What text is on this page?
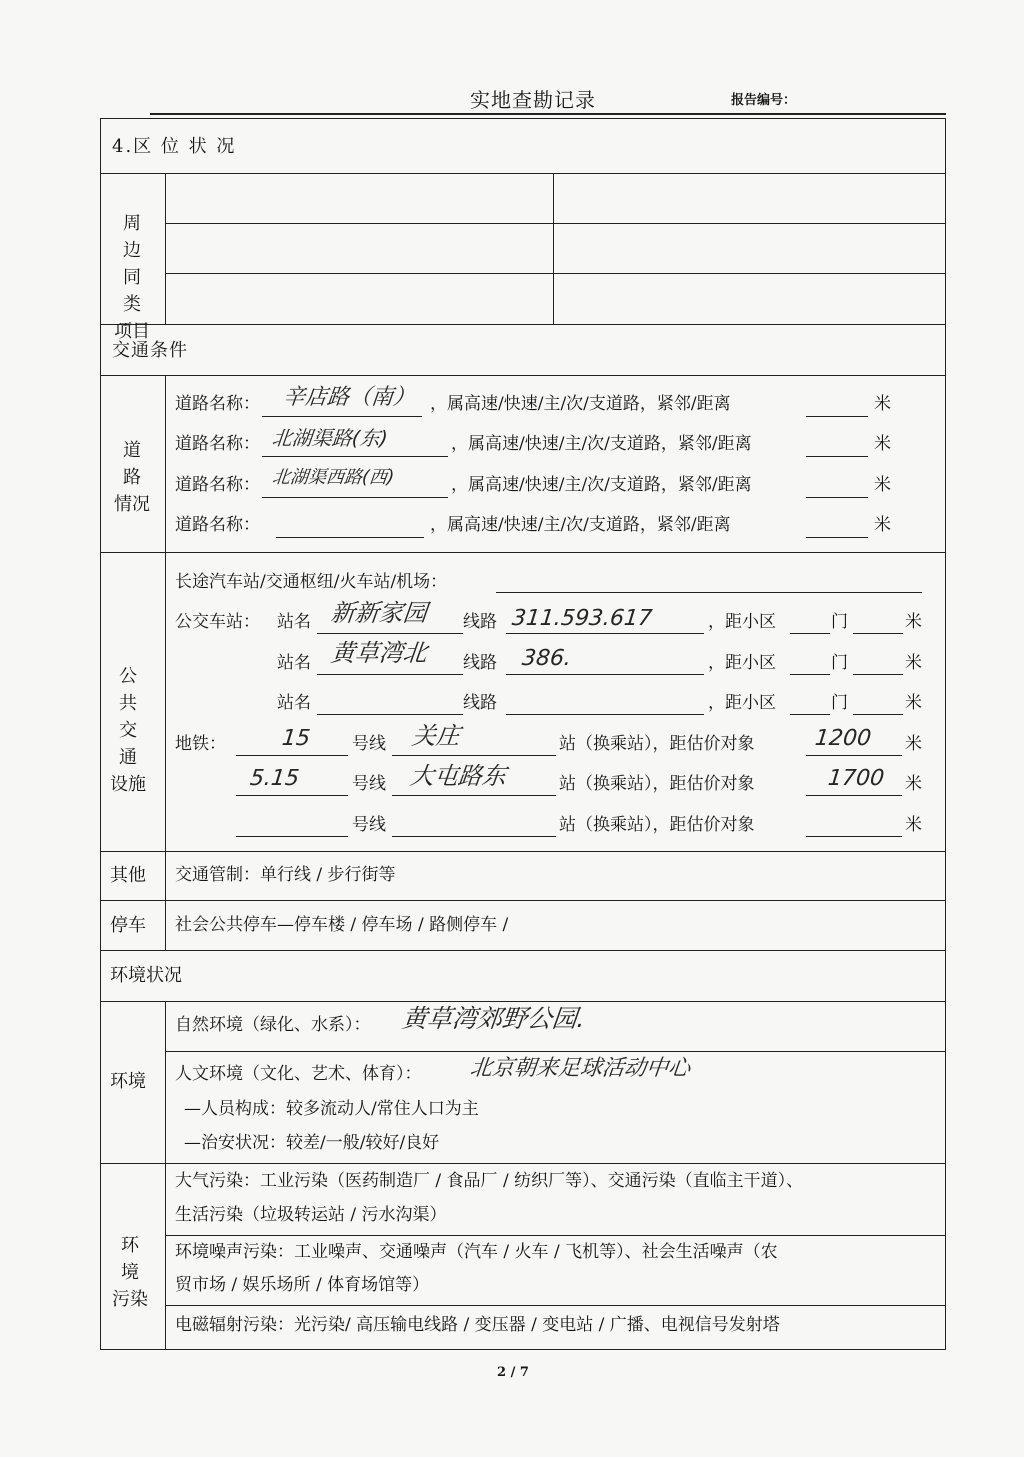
实地查勘记录	报告编号：
4.区 位 状 况
周 边
同 类
项目
交通条件
道 路
情况
道路名称： 辛店路（南） ，属高速/快速/主/次/支道路，紧邻/距离	米
道路名称： 北湖渠路(东)	，属高速/快速/主/次/支道路，紧邻/距离	米
道路名称： 北湖渠西路(西)	，属高速/快速/主/次/支道路，紧邻/距离	米
道路名称：	，属高速/快速/主/次/支道路，紧邻/距离	米
公 共
交 通
设施
长途汽车站/交通枢纽/火车站/机场：
公交车站： 站名 新新家园 线路 311.593.617	，距小区	门	米
站名 黄草湾北 线路 386.	，距小区	门	米
站名	线路	，距小区	门	米
地铁： 15 号线 关庄	站（换乘站），距估价对象	1200 米
5.15	号线 大屯路东	站（换乘站），距估价对象	1700 米
号线	站（换乘站），距估价对象	米
其他 交通管制：单行线 / 步行街等
停车 社会公共停车—停车楼 / 停车场 / 路侧停车 /
环境状况
环境
自然环境（绿化、水系）： 黄草湾郊野公园.
人文环境（文化、艺术、体育）： 北京朝来足球活动中心
—人员构成：较多流动人/常住人口为主
—治安状况：较差/一般/较好/良好
环 境
污染
大气污染：工业污染（医药制造厂 / 食品厂 / 纺织厂等）、交通污染（直临主干道）、
生活污染（垃圾转运站 / 污水沟渠）
环境噪声污染：工业噪声、交通噪声（汽车 / 火车 / 飞机等）、社会生活噪声（农
贸市场 / 娱乐场所 / 体育场馆等）
电磁辐射污染：光污染/ 高压输电线路 / 变压器 / 变电站 / 广播、电视信号发射塔
2 / 7
